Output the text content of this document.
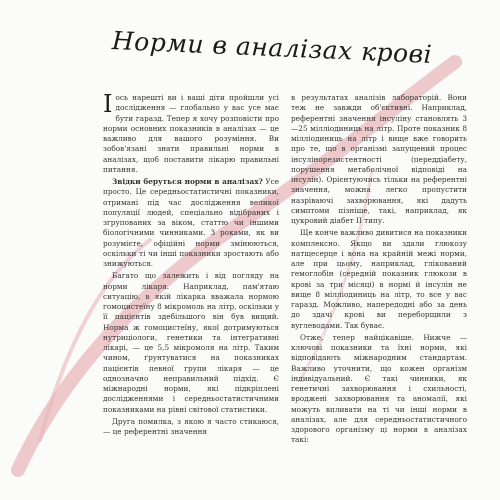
Норми в аналізах крові

Іось нарешті ви і ваші діти пройшли усі дослідження — глобально у вас усе має бути гаразд. Тепер я хочу розповісти про норми основних показників в аналізах — це важливо для вашого розуміння. Ви зобов'язані знати правильні норми в аналізах, щоб поставити лікарю правильні питання.

Звідки беруться норми в аналізах? Усе просто. Це середньостатистичні показники, отримані під час дослідження великої популяції людей, спеціально відібраних і згрупованих за віком, статтю чи іншими біологічними чинниками. З роками, як ви розумієте, офіційні норми змінюються, оскільки ті чи інші показники зростають або знижуються.

Багато що залежить і від погляду на норми лікаря. Наприклад, пам'ятаю ситуацію, в якій лікарка вважала нормою гомоцистеїну 8 мікромоль на літр, оскільки у її пацієнтів здебільшого він був вищий. Норма ж гомоцистеїну, якої дотримуються нутриціологи, генетики та інтегративні лікарі, — це 5,5 мікромоля на літр. Таким чином, ґрунтуватися на показниках пацієнтів певної групи лікаря — це однозначно неправильний підхід. Є міжнародні норми, які підкріплені дослідженнями і середньостатистичними показниками на рівні світової статистики.

Друга помилка, з якою я часто стикаюся, — це референтні значення

в результатах аналізів лабораторій. Вони теж не завжди об'єктивні. Наприклад, референтні значення інсуліну становлять 3—25 мілліодиниць на літр. Проте показник 8 мілліодиниць на літр і вище вже говорить про те, що в організмі запущений процес інсулінорезистентності (переддіабету, порушення метаболічної відповіді на інсулін). Орієнтуючись тільки на референтні значення, можна легко пропустити назріваючі захворювання, які дадуть симптоми пізніше, такі, наприклад, як цукровий діабет II типу.

Ще конче важливо дивитися на показники комплексно. Якщо ви здали глюкозу натщесерце і вона на крайній межі норми, але при цьому, наприклад, глікований гемоглобін (середній показник глюкози в крові за три місяці) в нормі й інсулін не вище 8 мілліодиниць на літр, то все у вас гаразд. Можливо, напередодні або за день до здачі крові ви переборщили з вуглеводами. Так буває.

Отже, тепер найцікавіше. Нижче — ключові показники та їхні норми, які відповідають міжнародним стандартам. Важливо уточнити, що кожен організм індивідуальний. Є такі чинники, як генетичні захворювання і схильності, вроджені захворювання та аномалії, які можуть впливати на ті чи інші норми в аналізах, але для середньостатистичного здорового організму ці норми в аналізах такі:
